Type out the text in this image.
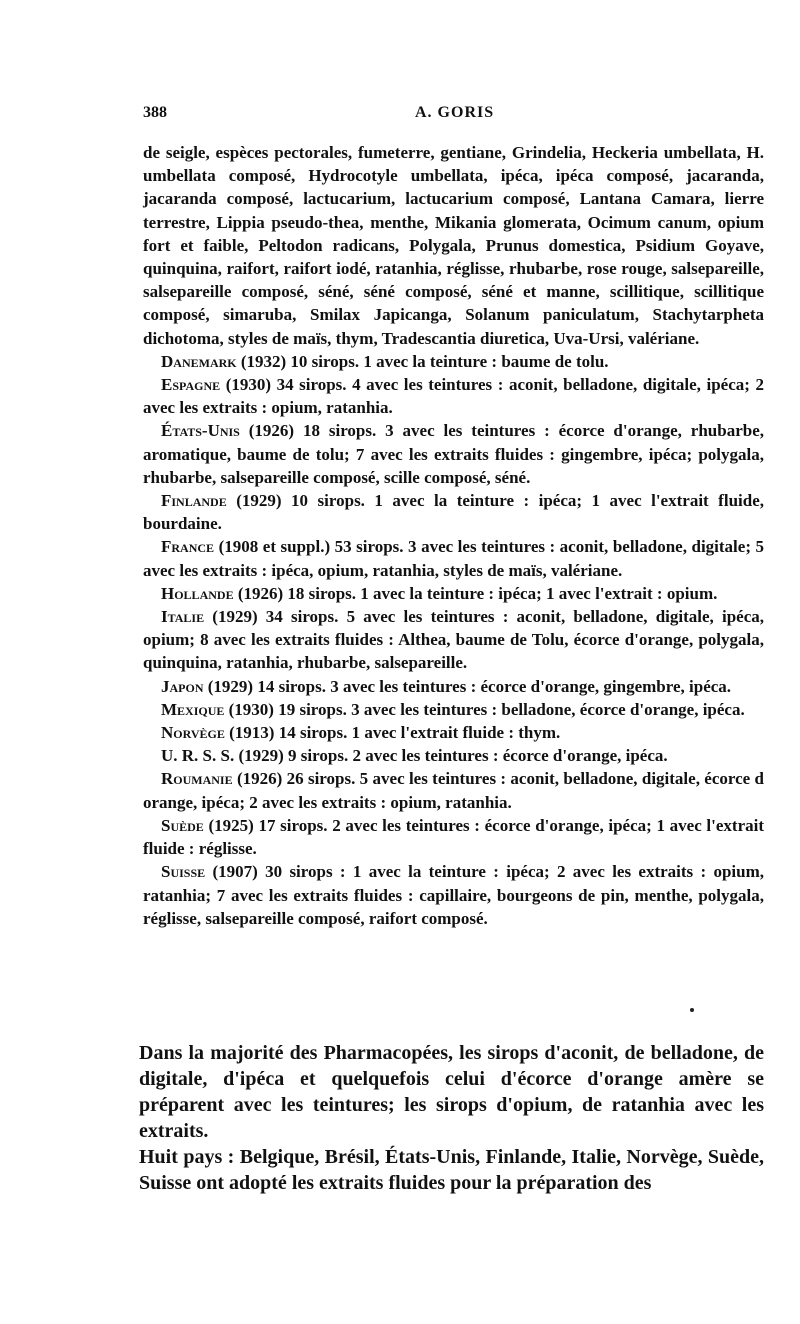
388	A. GORIS

de seigle, espèces pectorales, fumeterre, gentiane, Grindelia, Heckeria umbellata, H. umbellata composé, Hydrocotyle umbellata, ipéca, ipéca composé, jacaranda, jacaranda composé, lactucarium, lactucarium composé, Lantana Camara, lierre terrestre, Lippia pseudo-thea, menthe, Mikania glomerata, Ocimum canum, opium fort et faible, Peltodon radicans, Polygala, Prunus domestica, Psidium Goyave, quinquina, raifort, raifort iodé, ratanhia, réglisse, rhubarbe, rose rouge, salsepareille, salsepareille composé, séné, séné composé, séné et manne, scillitique, scillitique composé, simaruba, Smilax Japicanga, Solanum paniculatum, Stachytarpheta dichotoma, styles de maïs, thym, Tradescantia diuretica, Uva-Ursi, valériane.

Danemark (1932) 10 sirops. 1 avec la teinture : baume de tolu.

Espagne (1930) 34 sirops. 4 avec les teintures : aconit, belladone, digitale, ipéca; 2 avec les extraits : opium, ratanhia.

États-Unis (1926) 18 sirops. 3 avec les teintures : écorce d'orange, rhubarbe, aromatique, baume de tolu; 7 avec les extraits fluides : gingembre, ipéca; polygala, rhubarbe, salsepareille composé, scille composé, séné.

Finlande (1929) 10 sirops. 1 avec la teinture : ipéca; 1 avec l'extrait fluide, bourdaine.

France (1908 et suppl.) 53 sirops. 3 avec les teintures : aconit, belladone, digitale; 5 avec les extraits : ipéca, opium, ratanhia, styles de maïs, valériane.

Hollande (1926) 18 sirops. 1 avec la teinture : ipéca; 1 avec l'extrait : opium.

Italie (1929) 34 sirops. 5 avec les teintures : aconit, belladone, digitale, ipéca, opium; 8 avec les extraits fluides : Althea, baume de Tolu, écorce d'orange, polygala, quinquina, ratanhia, rhubarbe, salsepareille.

Japon (1929) 14 sirops. 3 avec les teintures : écorce d'orange, gingembre, ipéca.

Mexique (1930) 19 sirops. 3 avec les teintures : belladone, écorce d'orange, ipéca.

Norvège (1913) 14 sirops. 1 avec l'extrait fluide : thym.

U. R. S. S. (1929) 9 sirops. 2 avec les teintures : écorce d'orange, ipéca.

Roumanie (1926) 26 sirops. 5 avec les teintures : aconit, belladone, digitale, écorce d orange, ipéca; 2 avec les extraits : opium, ratanhia.

Suède (1925) 17 sirops. 2 avec les teintures : écorce d'orange, ipéca; 1 avec l'extrait fluide : réglisse.

Suisse (1907) 30 sirops : 1 avec la teinture : ipéca; 2 avec les extraits : opium, ratanhia; 7 avec les extraits fluides : capillaire, bourgeons de pin, menthe, polygala, réglisse, salsepareille composé, raifort composé.

Dans la majorité des Pharmacopées, les sirops d'aconit, de belladone, de digitale, d'ipéca et quelquefois celui d'écorce d'orange amère se préparent avec les teintures; les sirops d'opium, de ratanhia avec les extraits.

Huit pays : Belgique, Brésil, États-Unis, Finlande, Italie, Norvège, Suède, Suisse ont adopté les extraits fluides pour la préparation des
